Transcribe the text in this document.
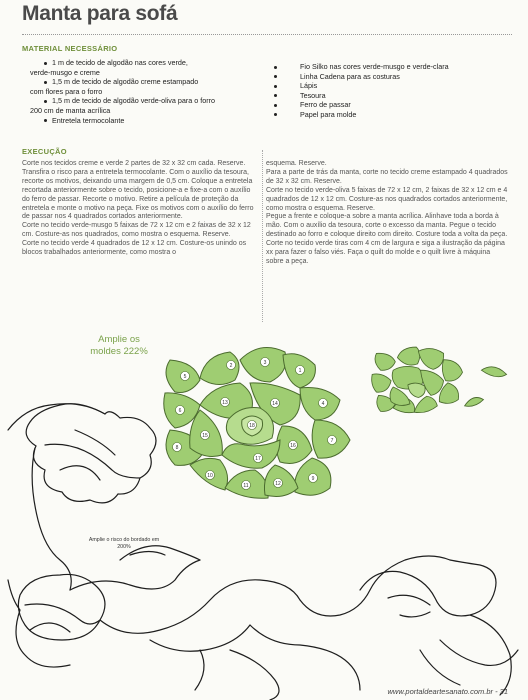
Manta para sofá
MATERIAL NECESSÁRIO
1 m de tecido de algodão nas cores verde,
verde-musgo e creme
1,5 m de tecido de algodão creme estampado
com flores para o forro
1,5 m de tecido de algodão verde-oliva para o forro
200 cm de manta acrílica
Entretela termocolante
Fio Silko nas cores verde-musgo e verde-clara
Linha Cadena para as costuras
Lápis
Tesoura
Ferro de passar
Papel para molde
EXECUÇÃO

Corte nos tecidos creme e verde 2 partes de 32 x 32 cm cada. Reserve.

Transfira o risco para a entretela termocolante. Com o auxílio da tesoura, recorte os motivos, deixando uma margem de 0,5 cm. Coloque a entretela recortada anteriormente sobre o tecido, posicione-a e fixe-a com o auxílio do ferro de passar. Recorte o motivo. Retire a película de proteção da entretela e monte o motivo na peça. Fixe os motivos com o auxílio do ferro de passar nos 4 quadrados cortados anteriormente.

Corte no tecido verde-musgo 5 faixas de 72 x 12 cm e 2 faixas de 32 x 12 cm. Costure-as nos quadrados, como mostra o esquema. Reserve.

Corte no tecido verde 4 quadrados de 12 x 12 cm. Costure-os unindo os blocos trabalhados anteriormente, como mostra o

esquema. Reserve.

Para a parte de trás da manta, corte no tecido creme estampado 4 quadrados de 32 x 32 cm. Reserve.

Corte no tecido verde-oliva 5 faixas de 72 x 12 cm, 2 faixas de 32 x 12 cm e 4 quadrados de 12 x 12 cm. Costure-as nos quadrados cortados anteriormente, como mostra o esquema. Reserve.

Pegue a frente e coloque-a sobre a manta acrílica. Alinhave toda a borda à mão. Com o auxílio da tesoura, corte o excesso da manta. Pegue o tecido destinado ao forro e coloque direito com direito. Costure toda a volta da peça.

Corte no tecido verde tiras com 4 cm de largura e siga a ilustração da página xx para fazer o falso viés. Faça o quilt do molde e o quilt livre à máquina sobre a peça.

Amplie os moldes 222%
1
2	3
4
5
6
7
8
9
10
11	12
13	14
15
16
17
18
Amplie o risco do bordado em 200%
www.portaldeartesanato.com.br - 31
